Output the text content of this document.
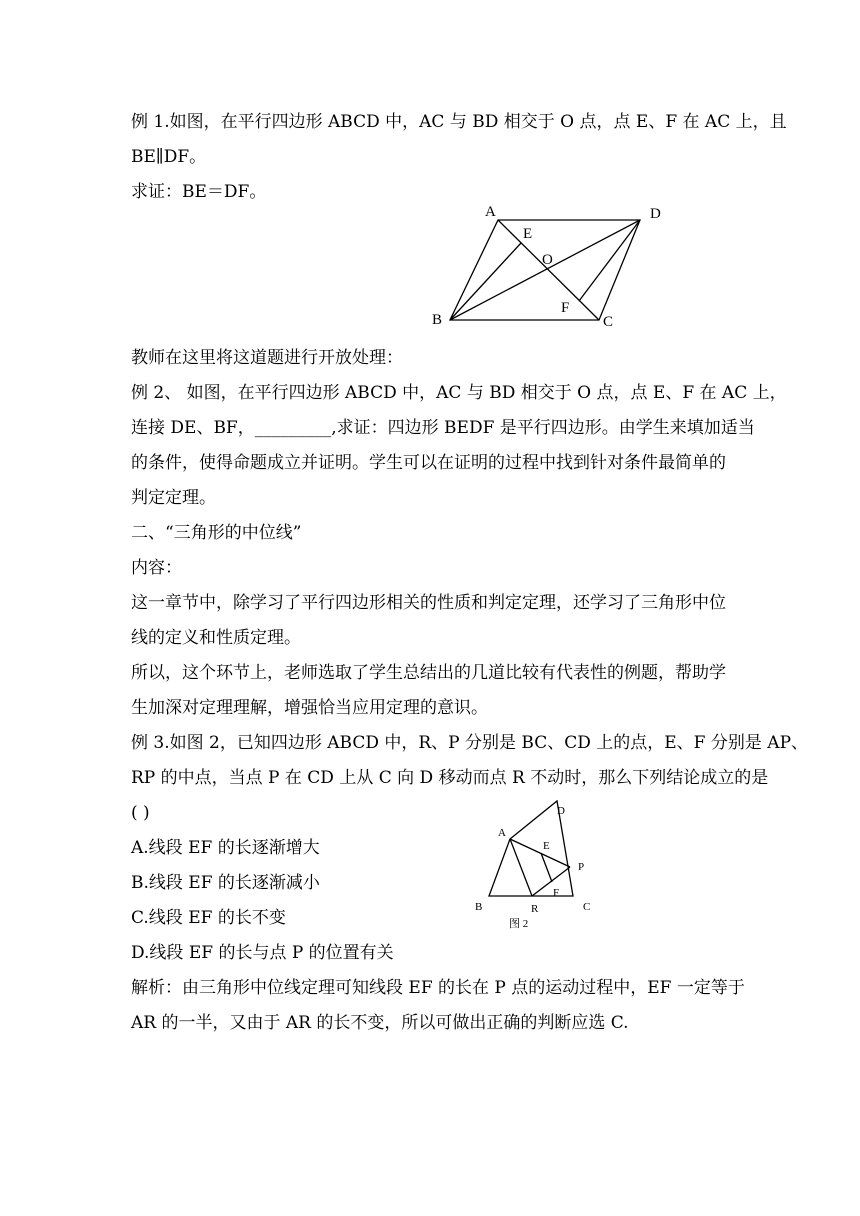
例 1.如图，在平行四边形 ABCD 中，AC 与 BD 相交于 O 点，点 E、F 在 AC 上，且
BE∥DF。
求证：BE＝DF。
A	D
E
O
B
F
C
教师在这里将这道题进行开放处理：
例 2、 如图，在平行四边形 ABCD 中，AC 与 BD 相交于 O 点，点 E、F 在 AC 上，
连接 DE、BF，_________,求证：四边形 BEDF 是平行四边形。由学生来填加适当
的条件，使得命题成立并证明。学生可以在证明的过程中找到针对条件最简单的
判定定理。
二、“三角形的中位线”
内容：
这一章节中，除学习了平行四边形相关的性质和判定定理，还学习了三角形中位
线的定义和性质定理。
所以，这个环节上，老师选取了学生总结出的几道比较有代表性的例题，帮助学
生加深对定理理解，增强恰当应用定理的意识。
例 3.如图 2，已知四边形 ABCD 中，R、P 分别是 BC、CD 上的点，E、F 分别是 AP、
RP 的中点，当点 P 在 CD 上从 C 向 D 移动而点 R 不动时，那么下列结论成立的是
( )
A.线段 EF 的长逐渐增大
B.线段 EF 的长逐渐减小
C.线段 EF 的长不变
D.线段 EF 的长与点 P 的位置有关
A
D
E
P
F
B	R	C
图 2
解析：由三角形中位线定理可知线段 EF 的长在 P 点的运动过程中，EF 一定等于
AR 的一半，又由于 AR 的长不变，所以可做出正确的判断应选 C.
